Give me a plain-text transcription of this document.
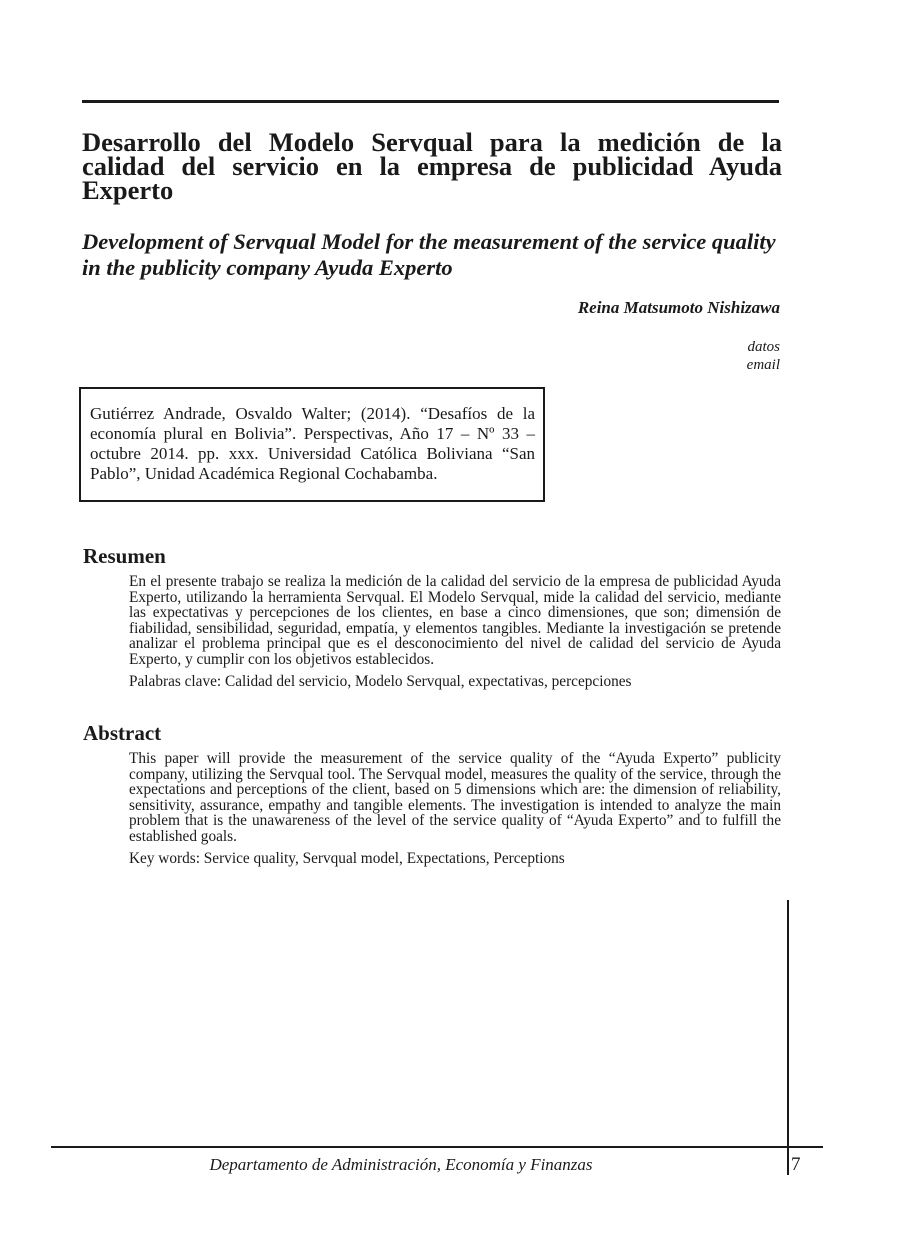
Desarrollo del Modelo Servqual para la medición de la calidad del servicio en la empresa de publicidad Ayuda Experto
Development of Servqual Model for the measurement of the service quality in the publicity company Ayuda Experto
Reina Matsumoto Nishizawa
datos
email
Gutiérrez Andrade, Osvaldo Walter; (2014). “Desafíos de la economía plural en Bolivia”. Perspectivas, Año 17 – Nº 33 – octubre 2014. pp. xxx. Universidad Católica Boliviana “San Pablo”, Unidad Académica Regional Cochabamba.
Resumen

En el presente trabajo se realiza la medición de la calidad del servicio de la empresa de publicidad Ayuda Experto, utilizando la herramienta Servqual. El Modelo Servqual, mide la calidad del servicio, mediante las expectativas y percepciones de los clientes, en base a cinco dimensiones, que son; dimensión de fiabilidad, sensibilidad, seguridad, empatía, y elementos tangibles. Mediante la investigación se pretende analizar el problema principal que es el desconocimiento del nivel de calidad del servicio de Ayuda Experto, y cumplir con los objetivos establecidos.

Palabras clave: Calidad del servicio, Modelo Servqual, expectativas, percepciones

Abstract

This paper will provide the measurement of the service quality of the “Ayuda Experto” publicity company, utilizing the Servqual tool. The Servqual model, measures the quality of the service, through the expectations and perceptions of the client, based on 5 dimensions which are: the dimension of reliability, sensitivity, assurance, empathy and tangible elements. The investigation is intended to analyze the main problem that is the unawareness of the level of the service quality of “Ayuda Experto” and to fulfill the established goals.

Key words: Service quality, Servqual model, Expectations, Perceptions

Departamento de Administración, Economía y Finanzas	7
